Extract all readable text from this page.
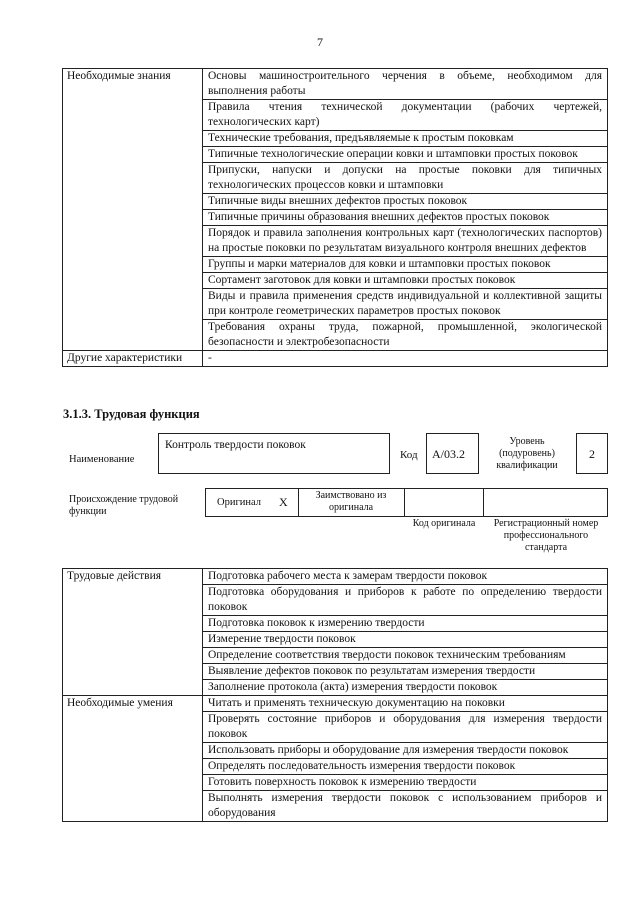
7
Необходимые знания	Основы машиностроительного черчения в объеме, необходимом для выполнения работы
	Правила чтения технической документации (рабочих чертежей, технологических карт)
	Технические требования, предъявляемые к простым поковкам
	Типичные технологические операции ковки и штамповки простых поковок
	Припуски, напуски и допуски на простые поковки для типичных технологических процессов ковки и штамповки
	Типичные виды внешних дефектов простых поковок
	Типичные причины образования внешних дефектов простых поковок
	Порядок и правила заполнения контрольных карт (технологических паспортов) на простые поковки по результатам визуального контроля внешних дефектов
	Группы и марки материалов для ковки и штамповки простых поковок
	Сортамент заготовок для ковки и штамповки простых поковок
	Виды и правила применения средств индивидуальной и коллективной защиты при контроле геометрических параметров простых поковок
	Требования охраны труда, пожарной, промышленной, экологической безопасности и электробезопасности
Другие характеристики	-
3.1.3. Трудовая функция
Наименование
Контроль твердости поковок
Код А/03.2
Уровень (подуровень) квалификации
2
Происхождение трудовой функции
Оригинал X	Заимствовано из оригинала
Код оригинала	Регистрационный номер профессионального стандарта
Трудовые действия	Подготовка рабочего места к замерам твердости поковок
	Подготовка оборудования и приборов к работе по определению твердости поковок
	Подготовка поковок к измерению твердости
	Измерение твердости поковок
	Определение соответствия твердости поковок техническим требованиям
	Выявление дефектов поковок по результатам измерения твердости
	Заполнение протокола (акта) измерения твердости поковок
Необходимые умения	Читать и применять техническую документацию на поковки
	Проверять состояние приборов и оборудования для измерения твердости поковок
	Использовать приборы и оборудование для измерения твердости поковок
	Определять последовательность измерения твердости поковок
	Готовить поверхность поковок к измерению твердости
	Выполнять измерения твердости поковок с использованием приборов и оборудования
